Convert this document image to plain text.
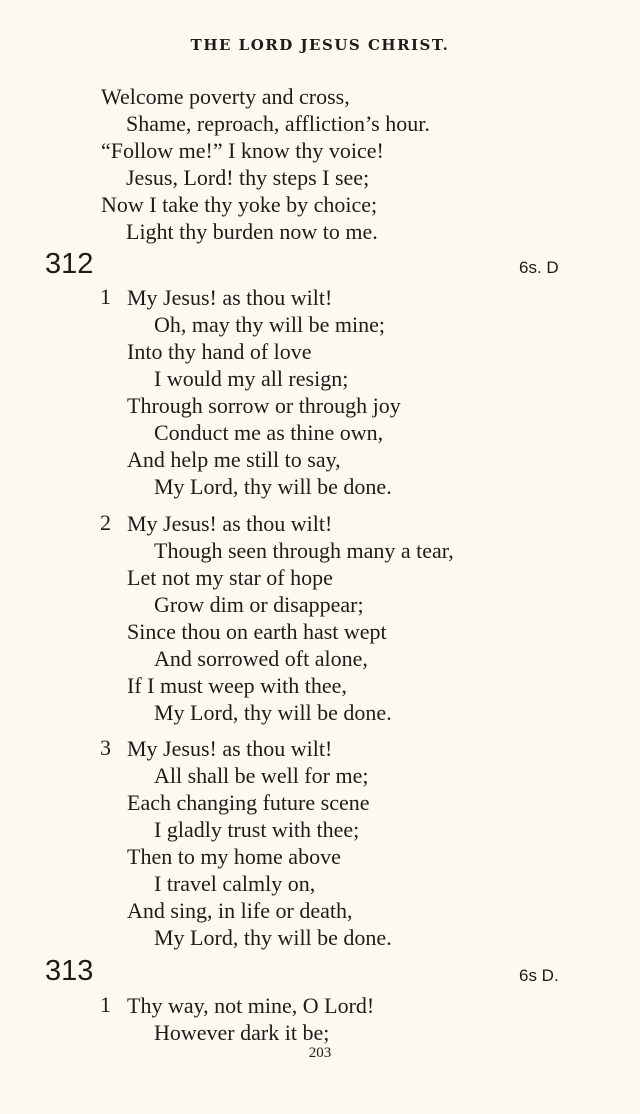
THE LORD JESUS CHRIST.
Welcome poverty and cross,
Shame, reproach, affliction’s hour.
“Follow me!” I know thy voice!
Jesus, Lord! thy steps I see;
Now I take thy yoke by choice;
Light thy burden now to me.
312	6s. D
1 My Jesus! as thou wilt!
Oh, may thy will be mine;
Into thy hand of love
I would my all resign;
Through sorrow or through joy
Conduct me as thine own,
And help me still to say,
My Lord, thy will be done.
2 My Jesus! as thou wilt!
Though seen through many a tear,
Let not my star of hope
Grow dim or disappear;
Since thou on earth hast wept
And sorrowed oft alone,
If I must weep with thee,
My Lord, thy will be done.
3 My Jesus! as thou wilt!
All shall be well for me;
Each changing future scene
I gladly trust with thee;
Then to my home above
I travel calmly on,
And sing, in life or death,
My Lord, thy will be done.
313	6s D.
1 Thy way, not mine, O Lord!
However dark it be;
203
